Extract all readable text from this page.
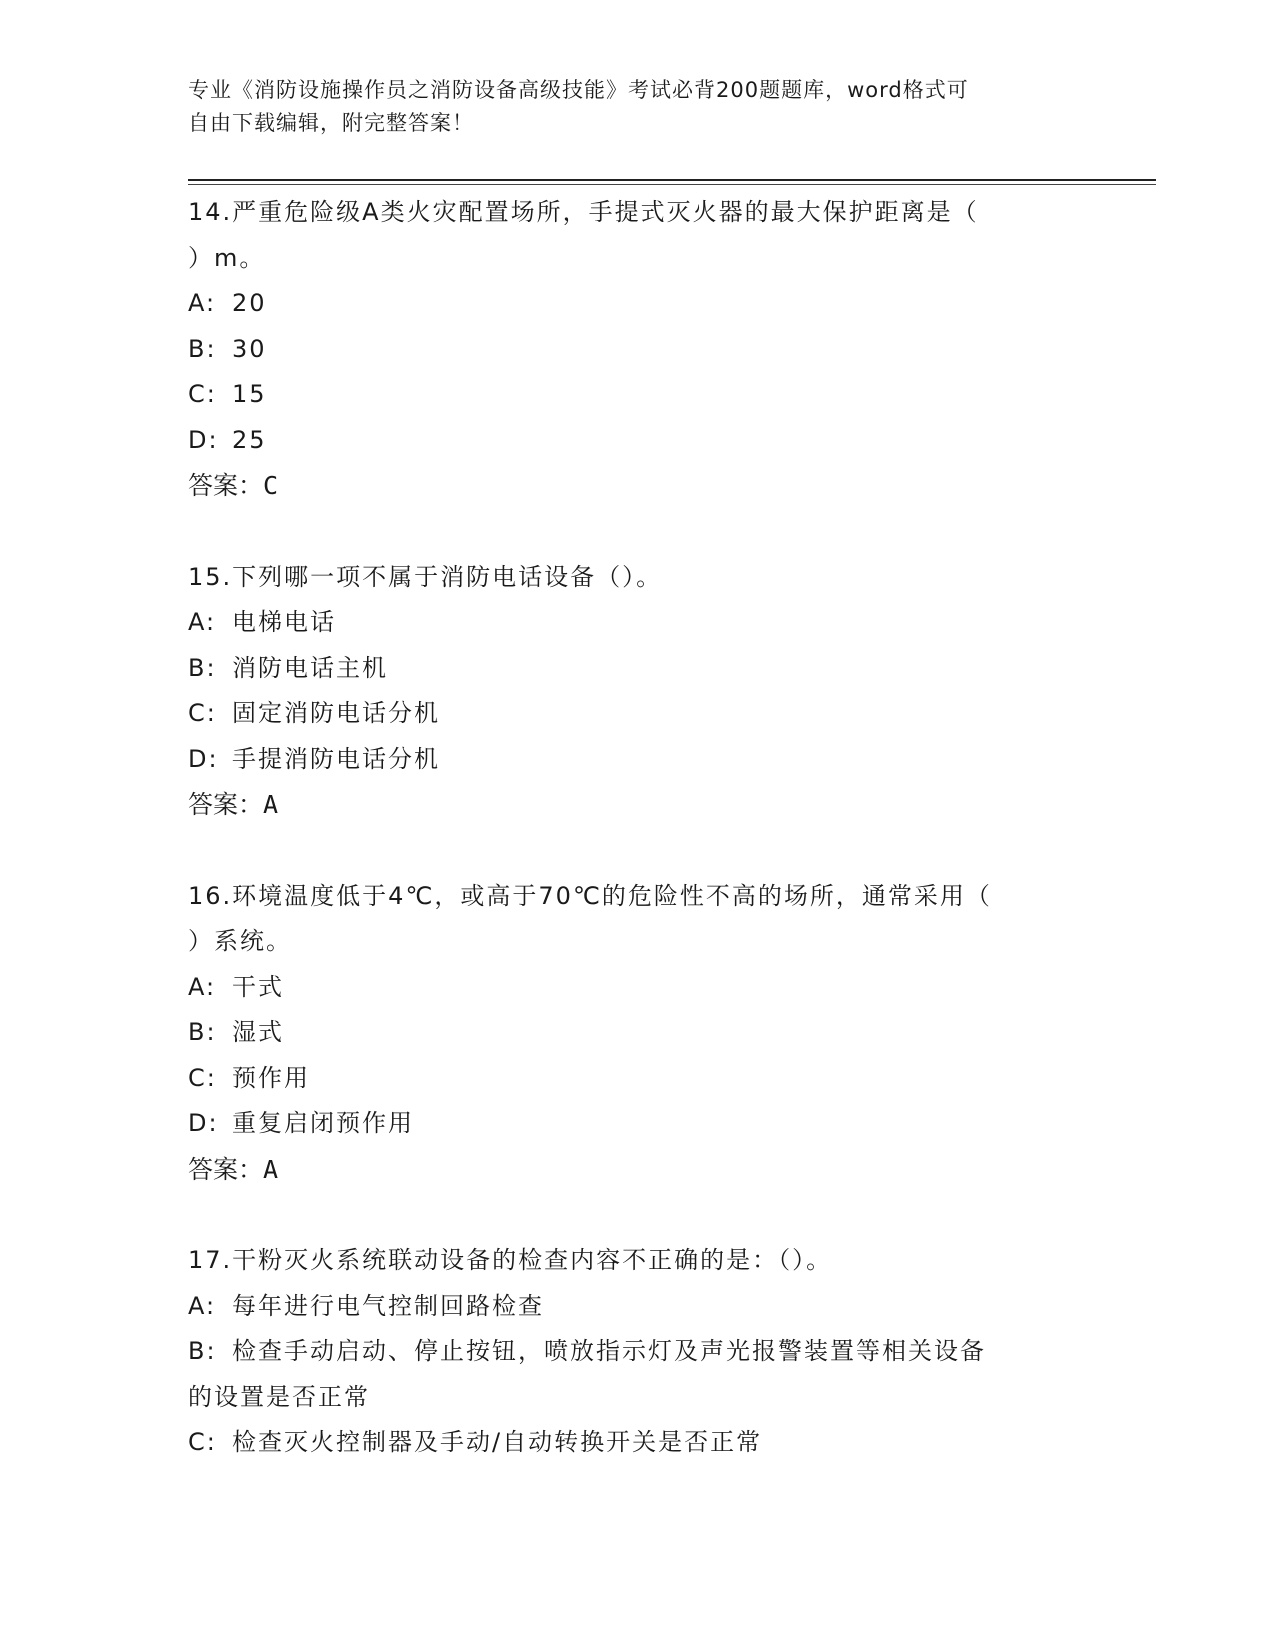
专业《消防设施操作员之消防设备高级技能》考试必背200题题库，word格式可
自由下载编辑，附完整答案！
14.严重危险级A类火灾配置场所，手提式灭火器的最大保护距离是（
）m。
A: 20
B: 30
C: 15
D: 25
答案：C
15.下列哪一项不属于消防电话设备（）。
A: 电梯电话
B: 消防电话主机
C: 固定消防电话分机
D: 手提消防电话分机
答案：A
16.环境温度低于4℃，或高于70℃的危险性不高的场所，通常采用（
）系统。
A: 干式
B: 湿式
C: 预作用
D: 重复启闭预作用
答案：A
17.干粉灭火系统联动设备的检查内容不正确的是：（）。
A: 每年进行电气控制回路检查
B: 检查手动启动、停止按钮，喷放指示灯及声光报警装置等相关设备
的设置是否正常
C: 检查灭火控制器及手动/自动转换开关是否正常
